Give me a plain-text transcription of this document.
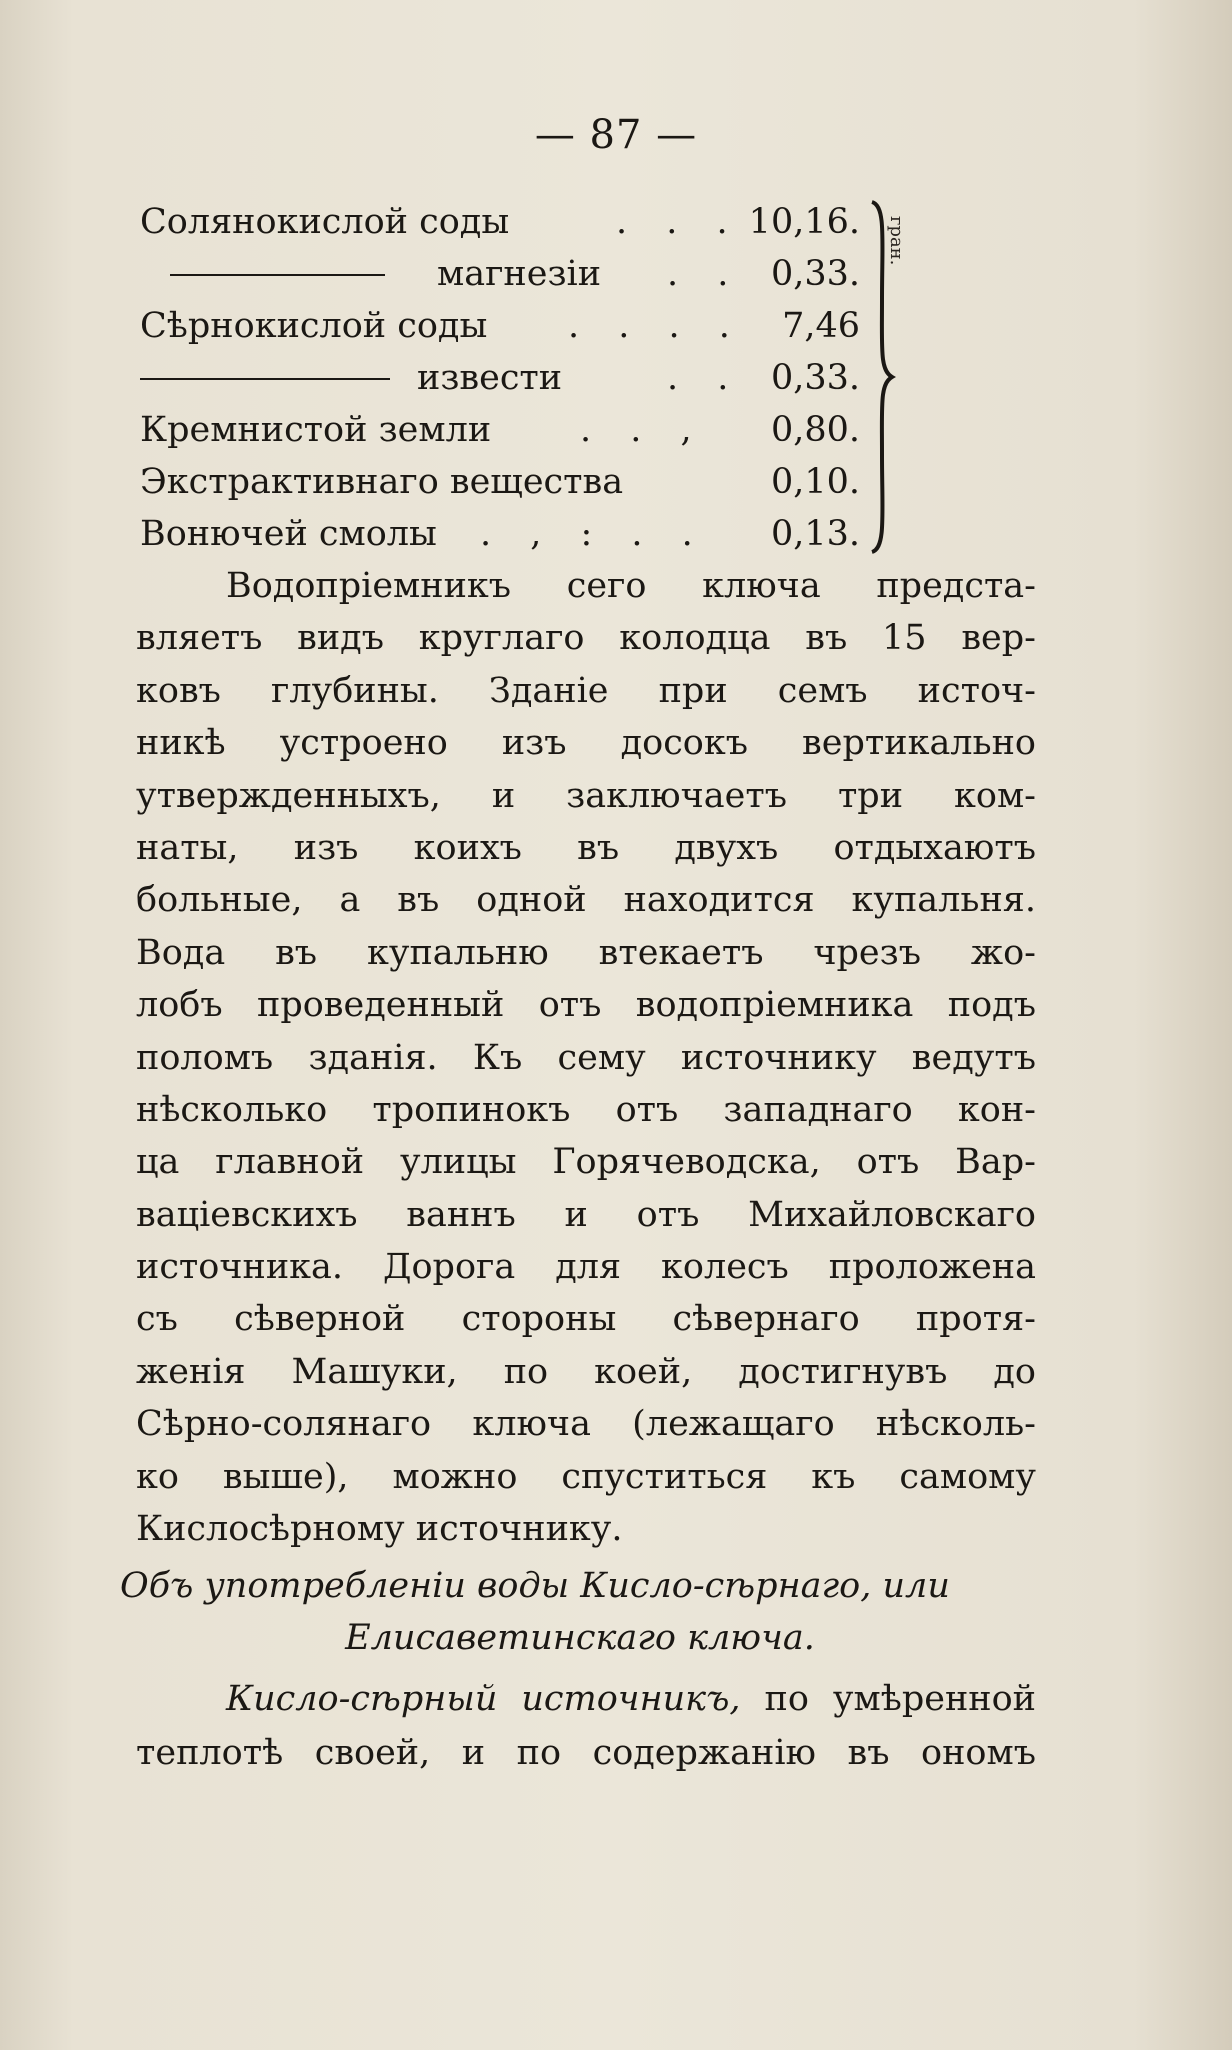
— 87 —
Солянокислой соды	. . . 10,16.
магнезіи . . 0,33.
Сѣрнокислой соды . . . . 7,46
извести	. . 0,33.
Кремнистой земли	. . , 0,80.
Экстрактивнаго вещества	0,10.
Вонючей смолы . , : . . 0,13.
гран.
Водопріемникъ сего ключа предста-
вляетъ видъ круглаго колодца въ 15 вер-
ковъ глубины. Зданіе при семъ источ-
никѣ устроено изъ досокъ вертикально
утвержденныхъ, и заключаетъ три ком-
наты, изъ коихъ въ двухъ отдыхаютъ
больные, а въ одной находится купальня.
Вода въ купальню втекаетъ чрезъ жо-
лобъ проведенный отъ водопріемника подъ
поломъ зданія. Къ сему источнику ведутъ
нѣсколько тропинокъ отъ западнаго кон-
ца главной улицы Горячеводска, отъ Вар-
ваціевскихъ ваннъ и отъ Михайловскаго
источника. Дорога для колесъ проложена
съ сѣверной стороны сѣвернаго протя-
женія Машуки, по коей, достигнувъ до
Сѣрно-солянаго ключа (лежащаго нѣсколь-
ко выше), можно спуститься къ самому
Кислосѣрному источнику.
Объ употребленіи воды Кисло-сѣрнаго, или
Елисаветинскаго ключа.
Кисло-сѣрный источникъ, по умѣренной
теплотѣ своей, и по содержанію въ ономъ
